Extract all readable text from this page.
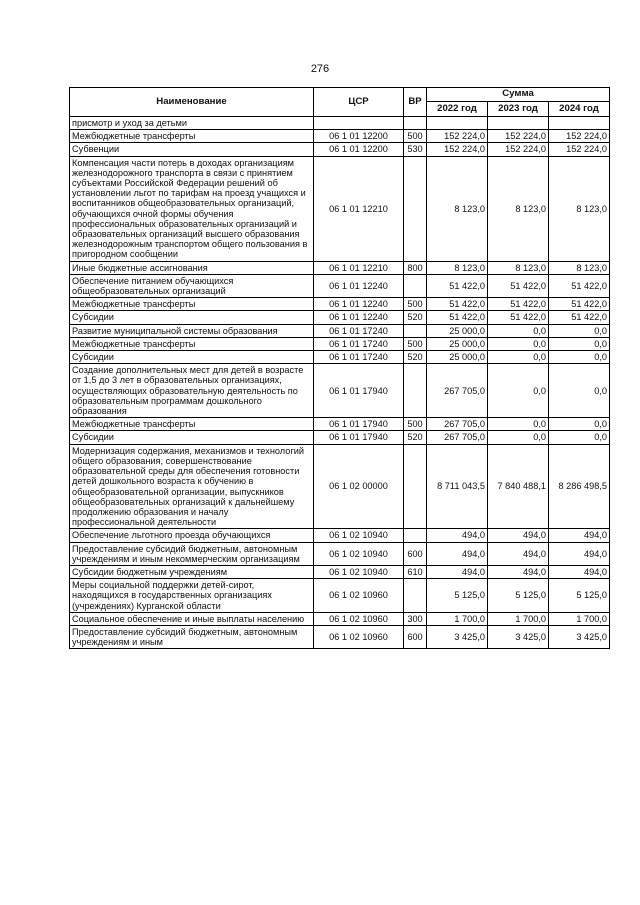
276
Наименование	ЦСР	ВР	Сумма		
			2022 год	2023 год	2024 год
присмотр и уход за детьми					
Межбюджетные трансферты	06 1 01 12200	500	152 224,0	152 224,0	152 224,0
Субвенции	06 1 01 12200	530	152 224,0	152 224,0	152 224,0
Компенсация части потерь в доходах организациям железнодорожного транспорта в связи с принятием субъектами Российской Федерации решений об установлении льгот по тарифам на проезд учащихся и воспитанников общеобразовательных организаций, обучающихся очной формы обучения профессиональных образовательных организаций и образовательных организаций высшего образования железнодорожным транспортом общего пользования в пригородном сообщении	06 1 01 12210		8 123,0	8 123,0	8 123,0
Иные бюджетные ассигнования	06 1 01 12210	800	8 123,0	8 123,0	8 123,0
Обеспечение питанием обучающихся общеобразовательных организаций	06 1 01 12240		51 422,0	51 422,0	51 422,0
Межбюджетные трансферты	06 1 01 12240	500	51 422,0	51 422,0	51 422,0
Субсидии	06 1 01 12240	520	51 422,0	51 422,0	51 422,0
Развитие муниципальной системы образования	06 1 01 17240		25 000,0	0,0	0,0
Межбюджетные трансферты	06 1 01 17240	500	25 000,0	0,0	0,0
Субсидии	06 1 01 17240	520	25 000,0	0,0	0,0
Создание дополнительных мест для детей в возрасте от 1,5 до 3 лет в образовательных организациях, осуществляющих образовательную деятельность по образовательным программам дошкольного образования	06 1 01 17940		267 705,0	0,0	0,0
Межбюджетные трансферты	06 1 01 17940	500	267 705,0	0,0	0,0
Субсидии	06 1 01 17940	520	267 705,0	0,0	0,0
Модернизация содержания, механизмов и технологий общего образования, совершенствование образовательной среды для обеспечения готовности детей дошкольного возраста к обучению в общеобразовательной организации, выпускников общеобразовательных организаций к дальнейшему продолжению образования и началу профессиональной деятельности	06 1 02 00000		8 711 043,5	7 840 488,1	8 286 498,5
Обеспечение льготного проезда обучающихся	06 1 02 10940		494,0	494,0	494,0
Предоставление субсидий бюджетным, автономным учреждениям и иным некоммерческим организациям	06 1 02 10940	600	494,0	494,0	494,0
Субсидии бюджетным учреждениям	06 1 02 10940	610	494,0	494,0	494,0
Меры социальной поддержки детей-сирот, находящихся в государственных организациях (учреждениях) Курганской области	06 1 02 10960		5 125,0	5 125,0	5 125,0
Социальное обеспечение и иные выплаты населению	06 1 02 10960	300	1 700,0	1 700,0	1 700,0
Предоставление субсидий бюджетным, автономным учреждениям и иным	06 1 02 10960	600	3 425,0	3 425,0	3 425,0
